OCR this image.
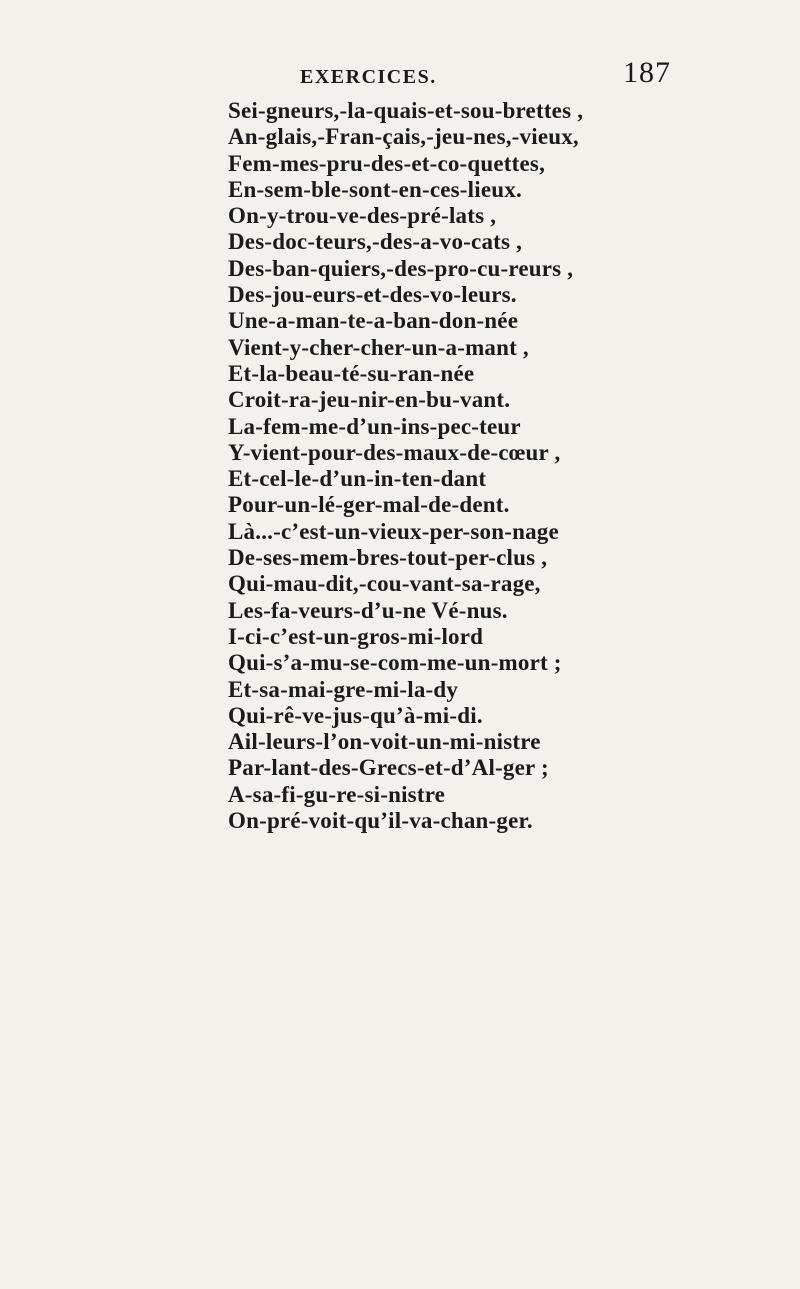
EXERCICES.	187
Sei-gneurs,-la-quais-et-sou-brettes ,
An-glais,-Fran-çais,-jeu-nes,-vieux,
Fem-mes-pru-des-et-co-quettes,
En-sem-ble-sont-en-ces-lieux.
On-y-trou-ve-des-pré-lats ,
Des-doc-teurs,-des-a-vo-cats ,
Des-ban-quiers,-des-pro-cu-reurs ,
Des-jou-eurs-et-des-vo-leurs.
Une-a-man-te-a-ban-don-née
Vient-y-cher-cher-un-a-mant ,
Et-la-beau-té-su-ran-née
Croit-ra-jeu-nir-en-bu-vant.
La-fem-me-d’un-ins-pec-teur
Y-vient-pour-des-maux-de-cœur ,
Et-cel-le-d’un-in-ten-dant
Pour-un-lé-ger-mal-de-dent.
Là...-c’est-un-vieux-per-son-nage
De-ses-mem-bres-tout-per-clus ,
Qui-mau-dit,-cou-vant-sa-rage,
Les-fa-veurs-d’u-ne Vé-nus.
I-ci-c’est-un-gros-mi-lord
Qui-s’a-mu-se-com-me-un-mort ;
Et-sa-mai-gre-mi-la-dy
Qui-rê-ve-jus-qu’à-mi-di.
Ail-leurs-l’on-voit-un-mi-nistre
Par-lant-des-Grecs-et-d’Al-ger ;
A-sa-fi-gu-re-si-nistre
On-pré-voit-qu’il-va-chan-ger.
